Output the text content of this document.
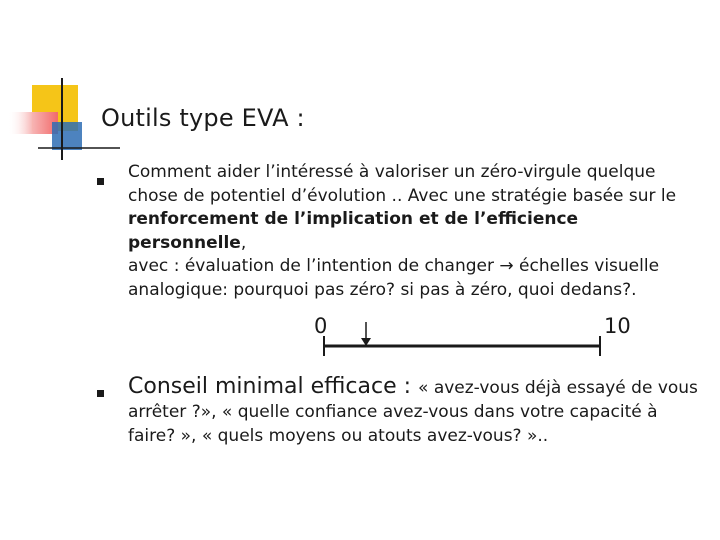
Outils type EVA :
Comment aider l’intéressé à valoriser un zéro-virgule quelque
chose de potentiel d’évolution .. Avec une stratégie basée sur le
renforcement de l’implication et de l’efficience
personnelle,
avec : évaluation de l’intention de changer → échelles visuelle
analogique: pourquoi pas zéro? si pas à zéro, quoi dedans?.
0	10
Conseil minimal efficace : « avez-vous déjà essayé de vous
arrêter ?», « quelle confiance avez-vous dans votre capacité à
faire? », « quels moyens ou atouts avez-vous? »..
